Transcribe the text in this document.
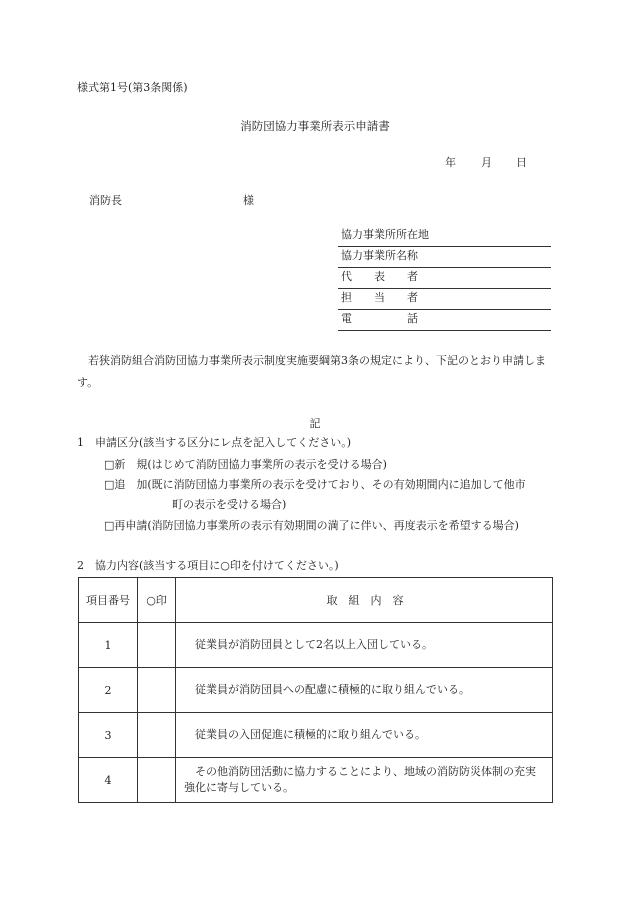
様式第1号(第3条関係)
消防団協力事業所表示申請書
年 月 日
消防長	様
協力事業所所在地
協力事業所名称
代　　表　　者
担　　当　　者
電　　　　　話
若狭消防組合消防団協力事業所表示制度実施要綱第3条の規定により、下記のとおり申請します。
記
1　申請区分(該当する区分にレ点を記入してください。)
□新　規(はじめて消防団協力事業所の表示を受ける場合)
□追　加(既に消防団協力事業所の表示を受けており、その有効期間内に追加して他市
町の表示を受ける場合)
□再申請(消防団協力事業所の表示有効期間の満了に伴い、再度表示を希望する場合)
2　協力内容(該当する項目に○印を付けてください。)
項目番号	○印	取　組　内　容
1		従業員が消防団員として2名以上入団している。

2		従業員が消防団員への配慮に積極的に取り組んでいる。

3		従業員の入団促進に積極的に取り組んでいる。

4		その他消防団活動に協力することにより、地域の消防防災体制の充実強化に寄与している。
